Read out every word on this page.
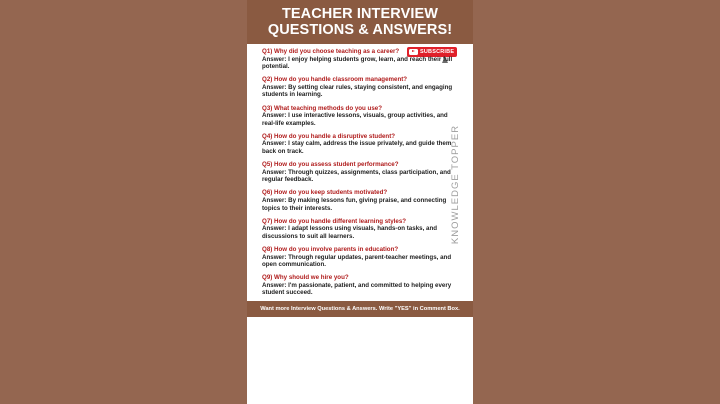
TEACHER INTERVIEW
QUESTIONS & ANSWERS!
SUBSCRIBE
Q1) Why did you choose teaching as a career?
Answer: I enjoy helping students grow, learn, and reach their full potential.
Q2) How do you handle classroom management?
Answer: By setting clear rules, staying consistent, and engaging students in learning.
Q3) What teaching methods do you use?
Answer: I use interactive lessons, visuals, group activities, and real-life examples.
Q4) How do you handle a disruptive student?
Answer: I stay calm, address the issue privately, and guide them back on track.
Q5) How do you assess student performance?
Answer: Through quizzes, assignments, class participation, and regular feedback.
Q6) How do you keep students motivated?
Answer: By making lessons fun, giving praise, and connecting topics to their interests.
Q7) How do you handle different learning styles?
Answer: I adapt lessons using visuals, hands-on tasks, and discussions to suit all learners.
Q8) How do you involve parents in education?
Answer: Through regular updates, parent-teacher meetings, and open communication.
Q9) Why should we hire you?
Answer: I'm passionate, patient, and committed to helping every student succeed.
KNOWLEDGE TOPPER
Want more Interview Questions & Answers. Write "YES" in Comment Box.
